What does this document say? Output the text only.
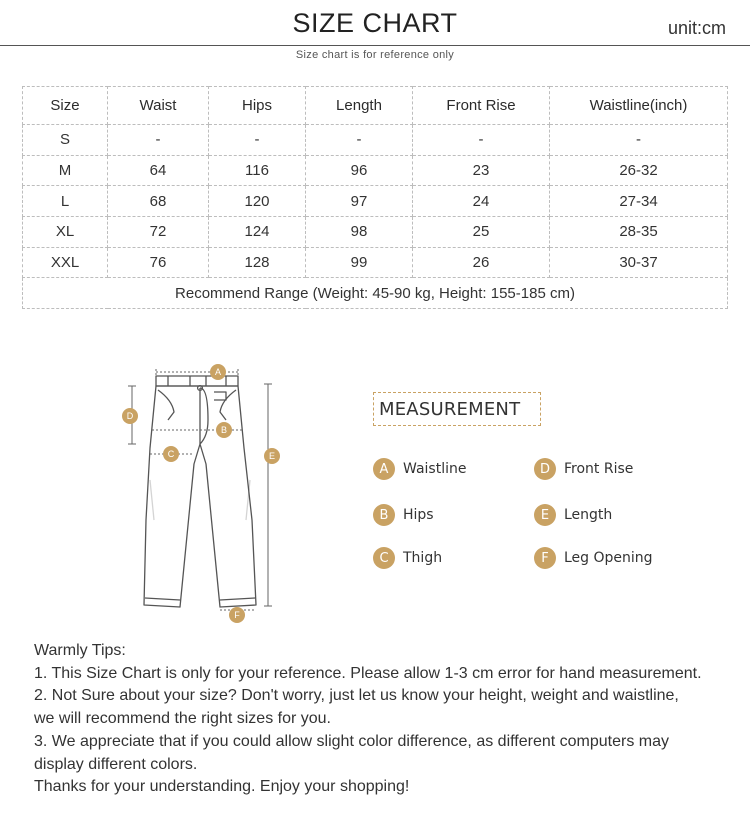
SIZE CHART	unit:cm
Size chart is for reference only
Size	Waist	Hips	Length	Front Rise	Waistline(inch)
S	-	-	-	-	-
M	64	116	96	23	26-32
L	68	120	97	24	27-34
XL	72	124	98	25	28-35
XXL	76	128	99	26	30-37
Recommend Range (Weight: 45-90 kg, Height: 155-185 cm)					
A
D
B
C	E
F
MEASUREMENT
A	Waistline
B	Hips
C	Thigh
D	Front Rise
E	Length
F	Leg Opening
Warmly Tips:
1. This Size Chart is only for your reference. Please allow 1-3 cm error for hand measurement.
2. Not Sure about your size? Don't worry, just let us know your height, weight and waistline,
we will recommend the right sizes for you.
3. We appreciate that if you could allow slight color difference, as different computers may
display different colors.
Thanks for your understanding. Enjoy your shopping!
